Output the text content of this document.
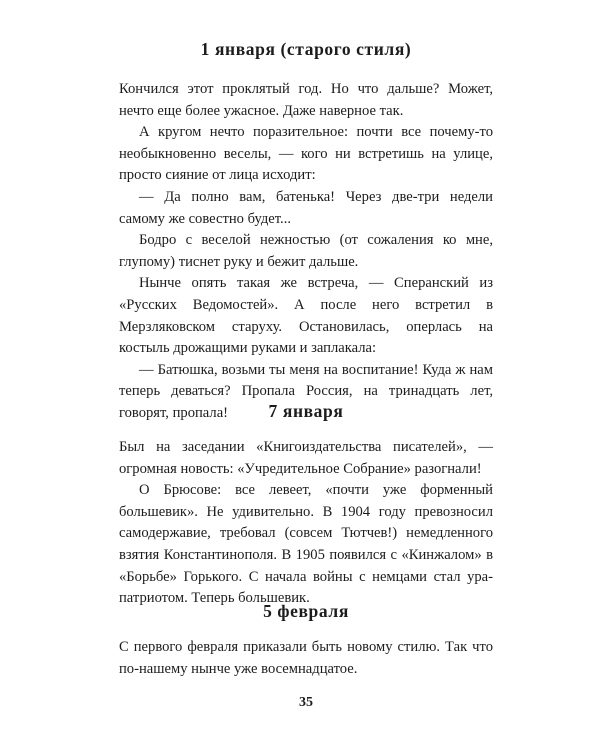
1 января (старого стиля)

Кончился этот проклятый год. Но что дальше? Может, нечто еще более ужасное. Даже наверное так.

А кругом нечто поразительное: почти все почему-то необыкновенно веселы, — кого ни встретишь на улице, просто сияние от лица исходит:

— Да полно вам, батенька! Через две-три недели самому же совестно будет...

Бодро с веселой нежностью (от сожаления ко мне, глупому) тиснет руку и бежит дальше.

Нынче опять такая же встреча, — Сперанский из «Русских Ведомостей». А после него встретил в Мерзляковском старуху. Остановилась, оперлась на костыль дрожащими руками и заплакала:

— Батюшка, возьми ты меня на воспитание! Куда ж нам теперь деваться? Пропала Россия, на тринадцать лет, говорят, пропала!	7 января

Был на заседании «Книгоиздательства писателей», — огромная новость: «Учредительное Собрание» разогнали!

О Брюсове: все левеет, «почти уже форменный большевик». Не удивительно. В 1904 году превозносил самодержавие, требовал (совсем Тютчев!) немедленного взятия Константинополя. В 1905 появился с «Кинжалом» в «Борьбе» Горького. С начала войны с немцами стал ура-патриотом. Теперь большевик.

5 февраля

С первого февраля приказали быть новому стилю. Так что по-нашему нынче уже восемнадцатое.

35
